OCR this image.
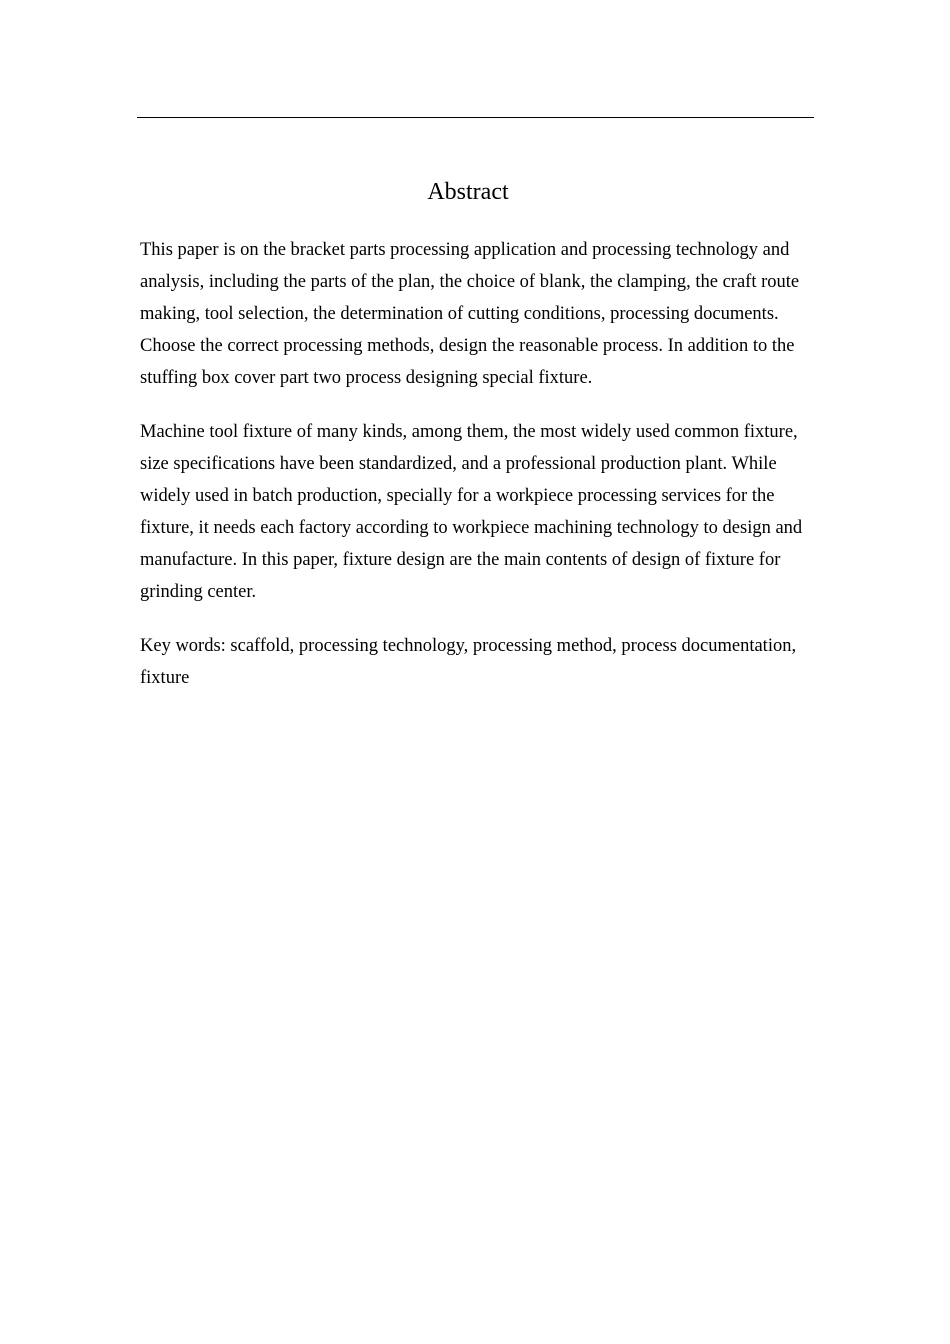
Abstract

This paper is on the bracket parts processing application and processing technology and analysis, including the parts of the plan, the choice of blank, the clamping, the craft route making, tool selection, the determination of cutting conditions, processing documents. Choose the correct processing methods, design the reasonable process. In addition to the stuffing box cover part two process designing special fixture.

Machine tool fixture of many kinds, among them, the most widely used common fixture, size specifications have been standardized, and a professional production plant. While widely used in batch production, specially for a workpiece processing services for the fixture, it needs each factory according to workpiece machining technology to design and manufacture. In this paper, fixture design are the main contents of design of fixture for grinding center.

Key words: scaffold, processing technology, processing method, process documentation, fixture
